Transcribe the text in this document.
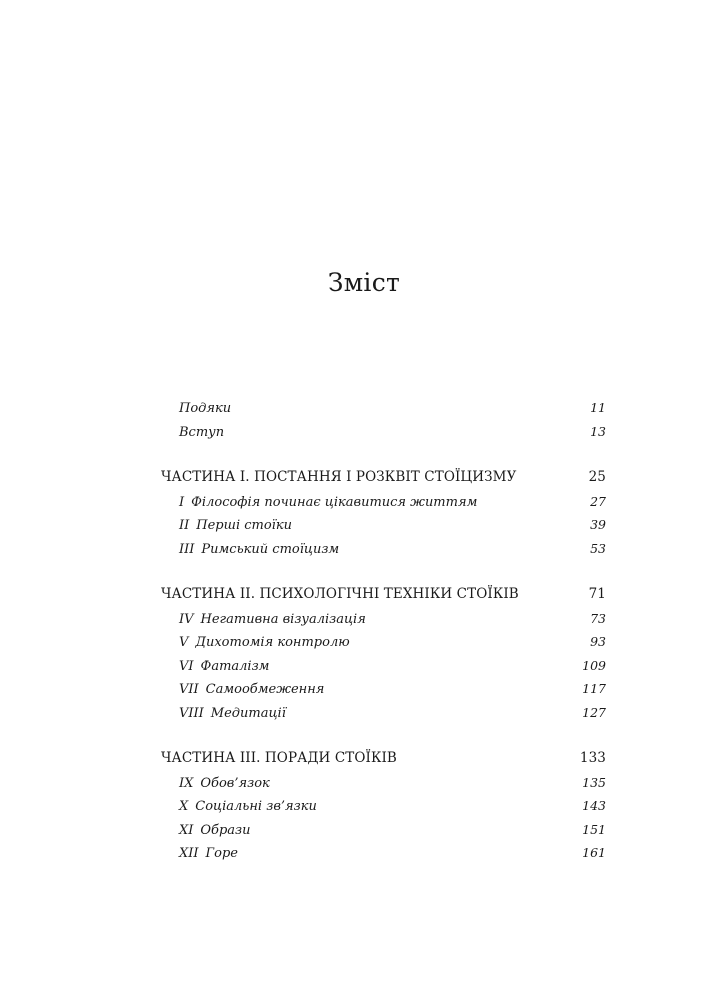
Зміст
Подяки	11
Вступ	13
ЧАСТИНА I. ПОСТАННЯ І РОЗКВІТ СТОЇЦИЗМУ	25
I Філософія починає цікавитися життям	27
II Перші стоїки	39
III Римський стоїцизм	53
ЧАСТИНА II. ПСИХОЛОГІЧНІ ТЕХНІКИ СТОЇКІВ	71
IV Негативна візуалізація	73
V Дихотомія контролю	93
VI Фаталізм	109
VII Самообмеження	117
VIII Медитації	127
ЧАСТИНА III. ПОРАДИ СТОЇКІВ	133
IX Обов’язок	135
X Соціальні зв’язки	143
XI Образи	151
XII Горе	161
